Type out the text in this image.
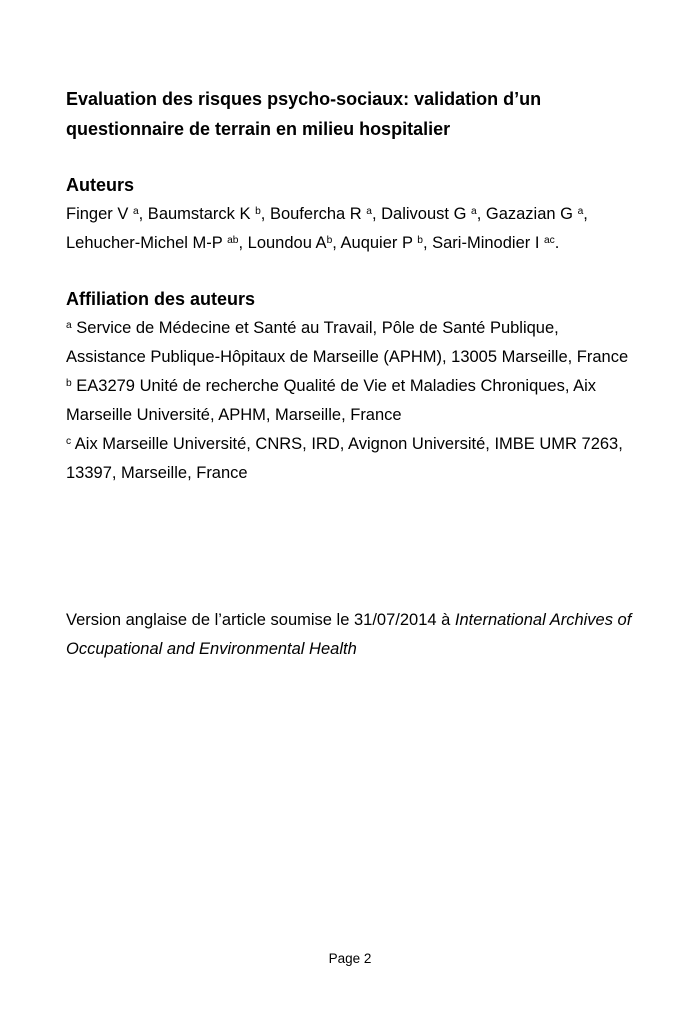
Evaluation des risques psycho-sociaux: validation d’un questionnaire de terrain en milieu hospitalier
Auteurs

Finger V $^a$, Baumstarck K $^b$, Boufercha R $^a$, Dalivoust G $^a$, Gazazian G $^a$, Lehucher-Michel M-P $^{ab}$, Loundou $A^b$, Auquier P $^b$, Sari-Minodier I $^{ac}$.

Affiliation des auteurs

$^a$ Service de Médecine et Santé au Travail, Pôle de Santé Publique, Assistance Publique-Hôpitaux de Marseille (APHM), 13005 Marseille, France

$^b$ EA3279 Unité de recherche Qualité de Vie et Maladies Chroniques, Aix Marseille Université, APHM, Marseille, France

$^c$ Aix Marseille Université, CNRS, IRD, Avignon Université, IMBE UMR 7263, 13397, Marseille, France

Version anglaise de l’article soumise le 31/07/2014 à International Archives of Occupational and Environmental Health

Page 2
